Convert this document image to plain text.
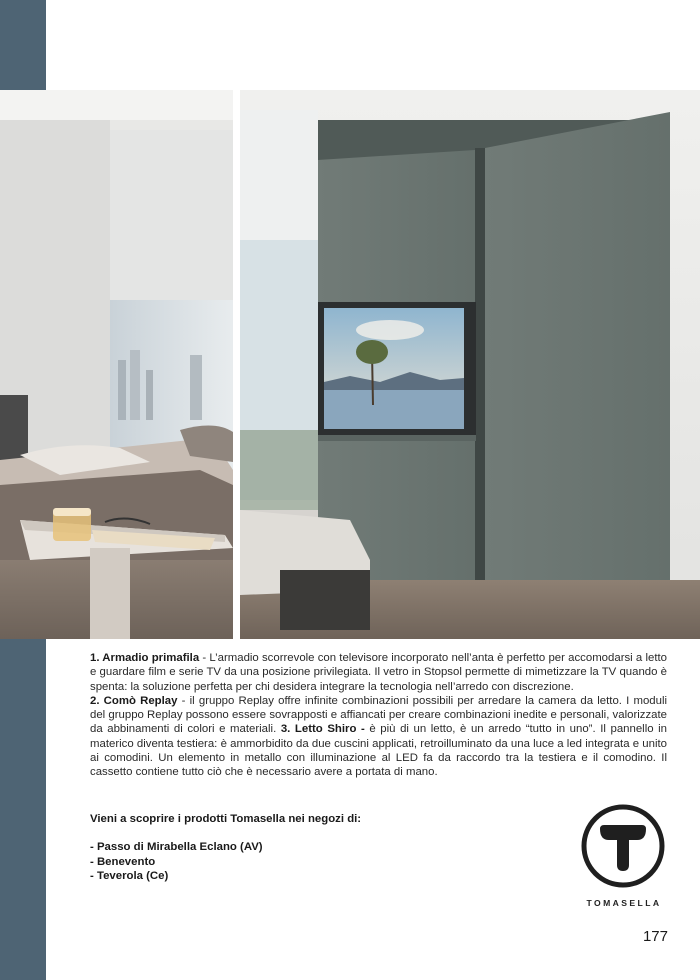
1. Armadio primafila - L’armadio scorrevole con televisore incorporato nell’anta è perfetto per accomodarsi a letto e guardare film e serie TV da una posizione privilegiata. Il vetro in Stopsol permette di mimetizzare la TV quando è spenta: la soluzione perfetta per chi desidera integrare la tecnologia nell’arredo con discrezione.
2. Comò Replay - il gruppo Replay offre infinite combinazioni possibili per arredare la camera da letto. I moduli del gruppo Replay possono essere sovrapposti e affiancati per creare combinazioni inedite e personali, valorizzate da abbinamenti di colori e materiali. 3. Letto Shiro - è più di un letto, è un arredo “tutto in uno”. Il pannello in materico diventa testiera: è ammorbidito da due cuscini applicati, retroilluminato da una luce a led integrata e unito ai comodini. Un elemento in metallo con illuminazione al LED fa da raccordo tra la testiera e il comodino. Il cassetto contiene tutto ciò che è necessario avere a portata di mano.

Vieni a scoprire i prodotti Tomasella nei negozi di:
- Passo di Mirabella Eclano (AV)
- Benevento
- Teverola (Ce)
TOMASELLA
177
